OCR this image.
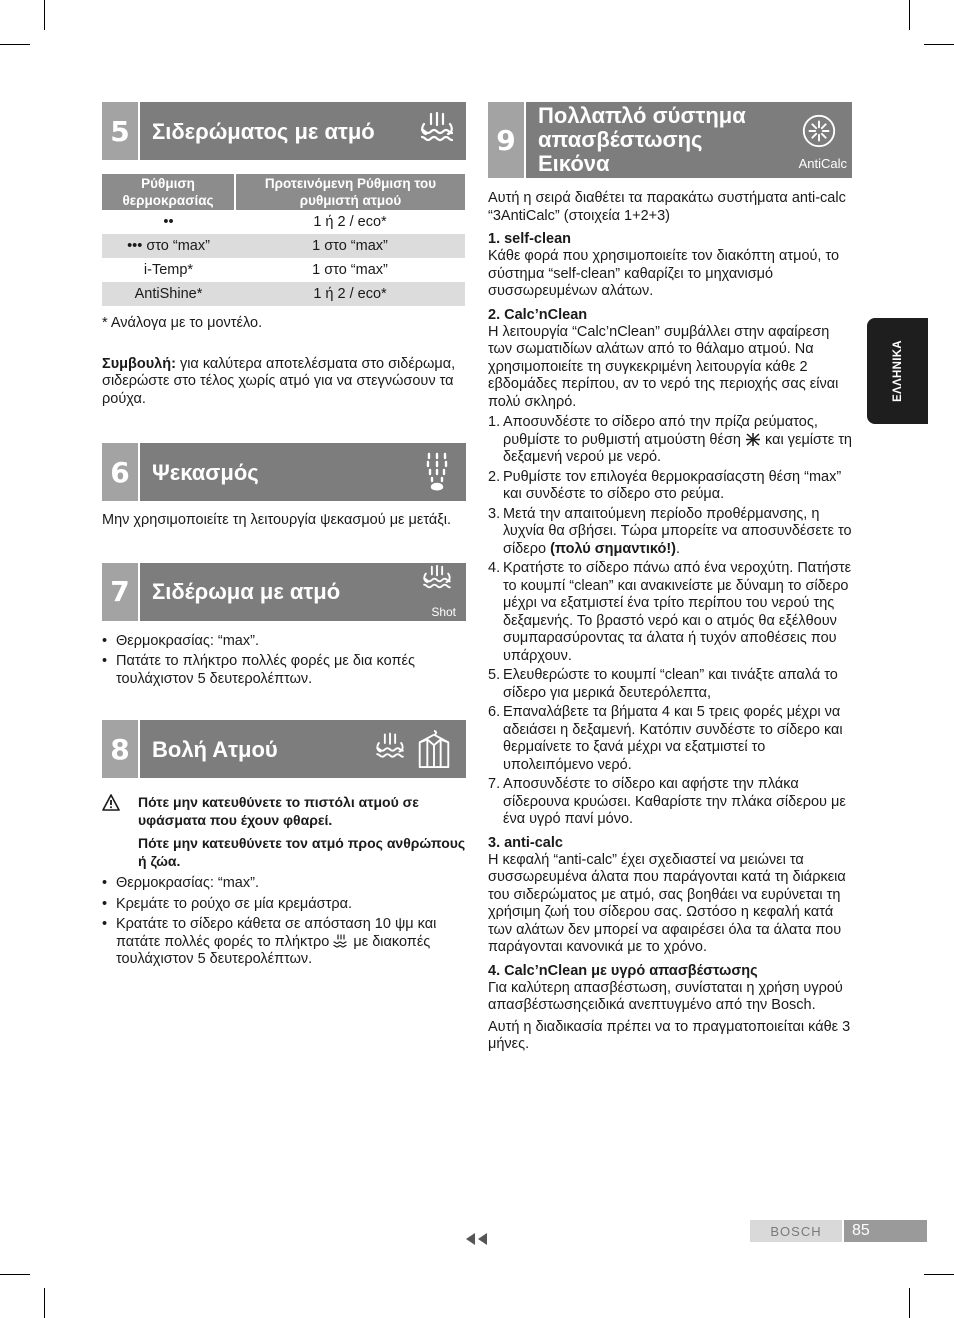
5	Σιδερώματος με ατμό
Ρύθμιση θερμοκρασίας	Προτεινόμενη Ρύθμιση του ρυθμιστή ατμού
••	1 ή 2 / eco*
••• στο “max”	1 στο “max”
i-Temp*	1 στο “max”
AntiShine*	1 ή 2 / eco*

* Ανάλογα με το μοντέλο.

Συμβουλή: για καλύτερα αποτελέσματα στο σιδέρωμα, σιδερώστε στο τέλος χωρίς ατμό για να στεγνώσουν τα ρούχα.

6	Ψεκασμός

Μην χρησιμοποιείτε τη λειτουργία ψεκασμού με μετάξι.

7	Σιδέρωμα με ατμό
Shot
• Θερμοκρασίας: “max”.
• Πατάτε το πλήκτρο πολλές φορές με δια κοπές τουλάχιστον 5 δευτερολέπτων.
8	Βολή Ατμού
Πότε μην κατευθύνετε το πιστόλι ατμού σε υφάσματα που έχουν φθαρεί.
Πότε μην κατευθύνετε τον ατμό προς ανθρώπους ή ζώα.
• Θερμοκρασίας: “max”.
• Κρεμάτε το ρούχο σε μία κρεμάστρα.
• Κρατάτε το σίδερο κάθετα σε απόσταση 10 ψμ και πατάτε πολλές φορές το πλήκτρο  με διακοπές τουλάχιστον 5 δευτερολέπτων.
9
Πολλαπλό σύστημα
απασβέστωσης
Εικόνα	AntiCalc

Αυτή η σειρά διαθέτει τα παρακάτω συστήματα anti-calc “3AntiCalc” (στοιχεία 1+2+3)

1. self-clean

Κάθε φορά που χρησιμοποιείτε τον διακόπτη ατμού, το σύστημα “self-clean” καθαρίζει το μηχανισμό συσσωρευμένων αλάτων.

2. Calc’nClean

Η λειτουργία “Calc’nClean” συμβάλλει στην αφαίρεση των σωματιδίων αλάτων από το θάλαμο ατμού. Να χρησιμοποιείτε τη συγκεκριμένη λειτουργία κάθε 2 εβδομάδες περίπου, αν το νερό της περιοχής σας είναι πολύ σκληρό.

1. Αποσυνδέστε το σίδερο από την πρίζα ρεύματος, ρυθμίστε το ρυθμιστή ατμούστη θέση  και γεμίστε τη δεξαμενή νερού με νερό.
2. Ρυθμίστε τον επιλογέα θερμοκρασίαςστη θέση “max” και συνδέστε το σίδερο στο ρεύμα.
3. Μετά την απαιτούμενη περίοδο προθέρμανσης, η λυχνία θα σβήσει. Τώρα μπορείτε να αποσυνδέσετε το σίδερο (πολύ σημαντικό!).
4. Κρατήστε το σίδερο πάνω από ένα νεροχύτη. Πατήστε το κουμπί “clean” και ανακινείστε με δύναμη το σίδερο μέχρι να εξατμιστεί ένα τρίτο περίπου του νερού της δεξαμενής. Το βραστό νερό και ο ατμός θα εξέλθουν συμπαρασύροντας τα άλατα ή τυχόν αποθέσεις που υπάρχουν.
5. Ελευθερώστε το κουμπί “clean” και τινάξτε απαλά το σίδερο για μερικά δευτερόλεπτα,
6. Επαναλάβετε τα βήματα 4 και 5 τρεις φορές μέχρι να αδειάσει η δεξαμενή. Κατόπιν συνδέστε το σίδερο και θερμαίνετε το ξανά μέχρι να εξατμιστεί το υπολειπόμενο νερό.
7. Αποσυνδέστε το σίδερο και αφήστε την πλάκα σίδερουνα κρυώσει. Καθαρίστε την πλάκα σίδερου με ένα υγρό πανί μόνο.
3. anti-calc

Η κεφαλή “anti-calc” έχει σχεδιαστεί να μειώνει τα συσσωρευμένα άλατα που παράγονται κατά τη διάρκεια του σιδερώματος με ατμό, σας βοηθάει να ευρύνεται τη χρήσιμη ζωή του σίδερου σας. Ωστόσο η κεφαλή κατά των αλάτων δεν μπορεί να αφαιρέσει όλα τα άλατα που παράγονται κανονικά με το χρόνο.

4. Calc’nClean με υγρό απασβέστωσης

Για καλύτερη απασβέστωση, συνίσταται η χρήση υγρού απασβέστωσηςειδικά ανεπτυγμένο από την Bosch.

Αυτή η διαδικασία πρέπει να το πραγματοποιείται κάθε 3 μήνες.

ΕΛΛΗΝΙΚΑ
BOSCH	85
